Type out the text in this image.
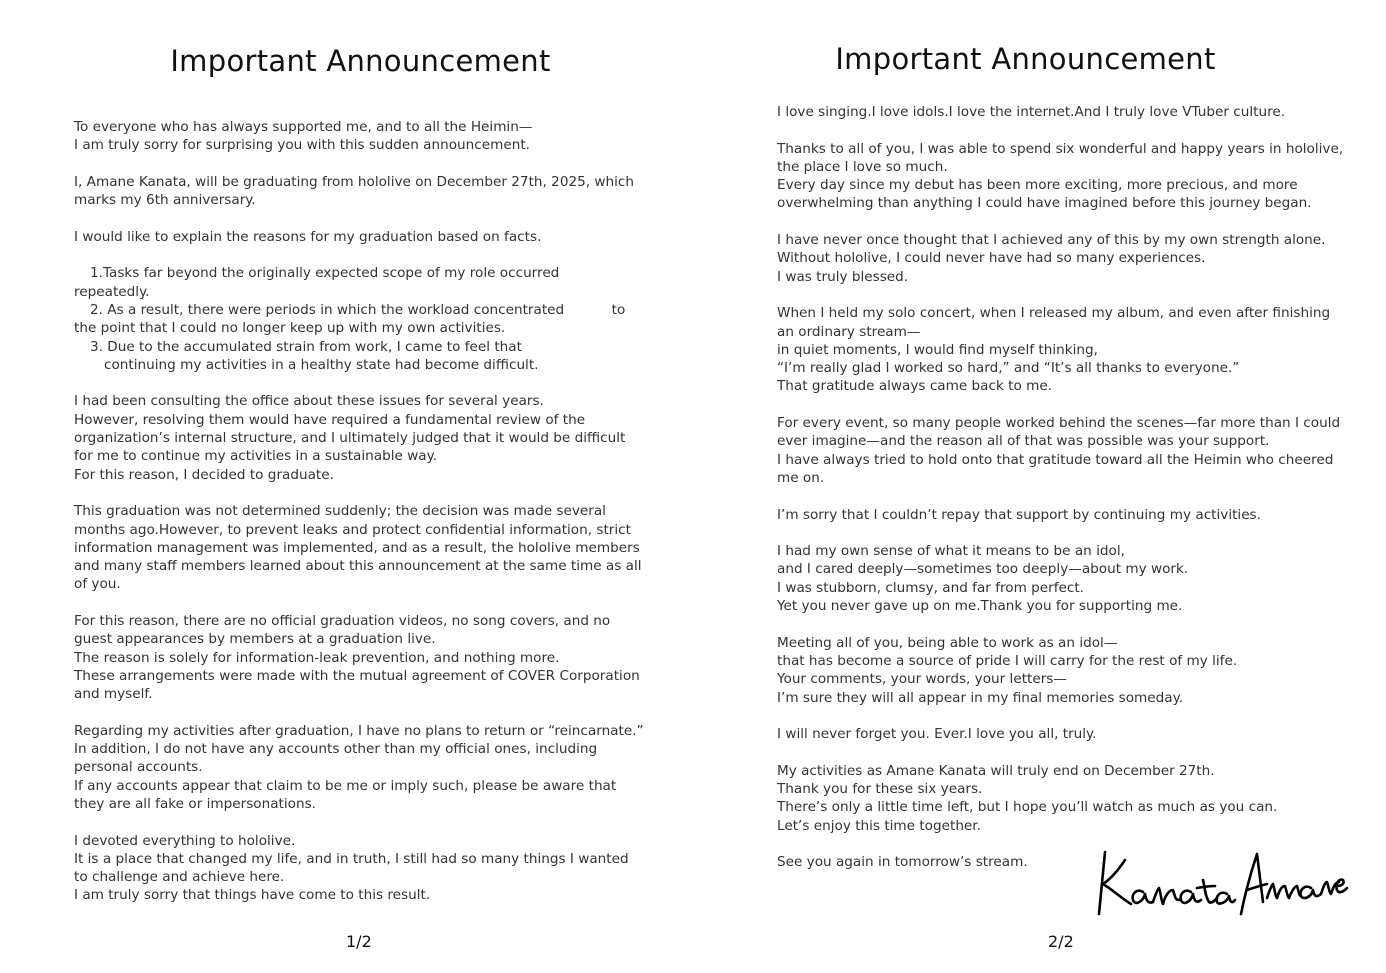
Important Announcement

To everyone who has always supported me, and to all the Heimin—
I am truly sorry for surprising you with this sudden announcement.

I, Amane Kanata, will be graduating from hololive on December 27th, 2025, which
marks my 6th anniversary.

I would like to explain the reasons for my graduation based on facts.

1.Tasks far beyond the originally expected scope of my role occurred
repeatedly.
2. As a result, there were periods in which the workload concentrated           to
the point that I could no longer keep up with my own activities.
3. Due to the accumulated strain from work, I came to feel that
continuing my activities in a healthy state had become difficult.

I had been consulting the office about these issues for several years.
However, resolving them would have required a fundamental review of the
organization’s internal structure, and I ultimately judged that it would be difficult
for me to continue my activities in a sustainable way.
For this reason, I decided to graduate.

This graduation was not determined suddenly; the decision was made several
months ago.However, to prevent leaks and protect confidential information, strict
information management was implemented, and as a result, the hololive members
and many staff members learned about this announcement at the same time as all
of you.

For this reason, there are no official graduation videos, no song covers, and no
guest appearances by members at a graduation live.
The reason is solely for information-leak prevention, and nothing more.
These arrangements were made with the mutual agreement of COVER Corporation
and myself.

Regarding my activities after graduation, I have no plans to return or “reincarnate.”
In addition, I do not have any accounts other than my official ones, including
personal accounts.
If any accounts appear that claim to be me or imply such, please be aware that
they are all fake or impersonations.

I devoted everything to hololive.
It is a place that changed my life, and in truth, I still had so many things I wanted
to challenge and achieve here.
I am truly sorry that things have come to this result.

1/2
Important Announcement

I love singing.I love idols.I love the internet.And I truly love VTuber culture.

Thanks to all of you, I was able to spend six wonderful and happy years in hololive,
the place I love so much.
Every day since my debut has been more exciting, more precious, and more
overwhelming than anything I could have imagined before this journey began.

I have never once thought that I achieved any of this by my own strength alone.
Without hololive, I could never have had so many experiences.
I was truly blessed.

When I held my solo concert, when I released my album, and even after finishing
an ordinary stream—
in quiet moments, I would find myself thinking,
“I’m really glad I worked so hard,” and “It’s all thanks to everyone.”
That gratitude always came back to me.

For every event, so many people worked behind the scenes—far more than I could
ever imagine—and the reason all of that was possible was your support.
I have always tried to hold onto that gratitude toward all the Heimin who cheered
me on.

I’m sorry that I couldn’t repay that support by continuing my activities.

I had my own sense of what it means to be an idol,
and I cared deeply—sometimes too deeply—about my work.
I was stubborn, clumsy, and far from perfect.
Yet you never gave up on me.Thank you for supporting me.

Meeting all of you, being able to work as an idol—
that has become a source of pride I will carry for the rest of my life.
Your comments, your words, your letters—
I’m sure they will all appear in my final memories someday.

I will never forget you. Ever.I love you all, truly.

My activities as Amane Kanata will truly end on December 27th.
Thank you for these six years.
There’s only a little time left, but I hope you’ll watch as much as you can.
Let’s enjoy this time together.

See you again in tomorrow’s stream.

2/2
